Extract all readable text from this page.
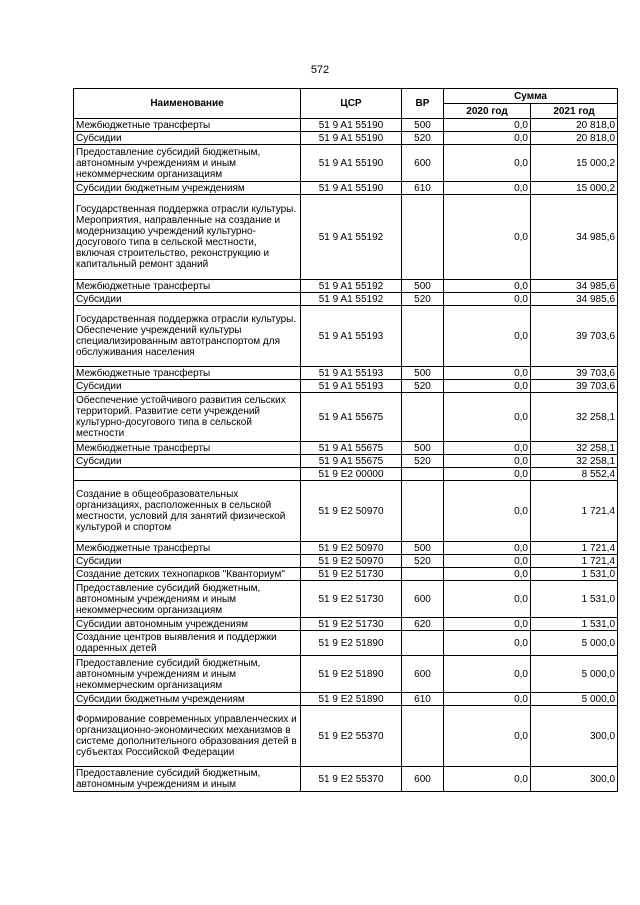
572
Наименование	ЦСР	ВР	Сумма	
			2020 год	2021 год
Межбюджетные трансферты	51 9 A1 55190	500	0,0	20 818,0
Субсидии	51 9 A1 55190	520	0,0	20 818,0
Предоставление субсидий бюджетным, автономным учреждениям и иным некоммерческим организациям	51 9 A1 55190	600	0,0	15 000,2
Субсидии бюджетным учреждениям	51 9 A1 55190	610	0,0	15 000,2
Государственная поддержка отрасли культуры. Мероприятия, направленные на создание и модернизацию учреждений культурно-досугового типа в сельской местности, включая строительство, реконструкцию и капитальный ремонт зданий	51 9 A1 55192		0,0	34 985,6
Межбюджетные трансферты	51 9 A1 55192	500	0,0	34 985,6
Субсидии	51 9 A1 55192	520	0,0	34 985,6
Государственная поддержка отрасли культуры. Обеспечение учреждений культуры специализированным автотранспортом для обслуживания населения	51 9 A1 55193		0,0	39 703,6
Межбюджетные трансферты	51 9 A1 55193	500	0,0	39 703,6
Субсидии	51 9 A1 55193	520	0,0	39 703,6
Обеспечение устойчивого развития сельских территорий. Развитие сети учреждений культурно-досугового типа в сельской местности	51 9 A1 55675		0,0	32 258,1
Межбюджетные трансферты	51 9 A1 55675	500	0,0	32 258,1
Субсидии	51 9 A1 55675	520	0,0	32 258,1
	51 9 E2 00000		0,0	8 552,4
Создание в общеобразовательных организациях, расположенных в сельской местности, условий для занятий физической культурой и спортом	51 9 E2 50970		0,0	1 721,4
Межбюджетные трансферты	51 9 E2 50970	500	0,0	1 721,4
Субсидии	51 9 E2 50970	520	0,0	1 721,4
Создание детских технопарков "Кванториум"	51 9 E2 51730		0,0	1 531,0
Предоставление субсидий бюджетным, автономным учреждениям и иным некоммерческим организациям	51 9 E2 51730	600	0,0	1 531,0
Субсидии автономным учреждениям	51 9 E2 51730	620	0,0	1 531,0
Создание центров выявления и поддержки одаренных детей	51 9 E2 51890		0,0	5 000,0
Предоставление субсидий бюджетным, автономным учреждениям и иным некоммерческим организациям	51 9 E2 51890	600	0,0	5 000,0
Субсидии бюджетным учреждениям	51 9 E2 51890	610	0,0	5 000,0
Формирование современных управленческих и организационно-экономических механизмов в системе дополнительного образования детей в субъектах Российской Федерации	51 9 E2 55370		0,0	300,0
Предоставление субсидий бюджетным, автономным учреждениям и иным	51 9 E2 55370	600	0,0	300,0
